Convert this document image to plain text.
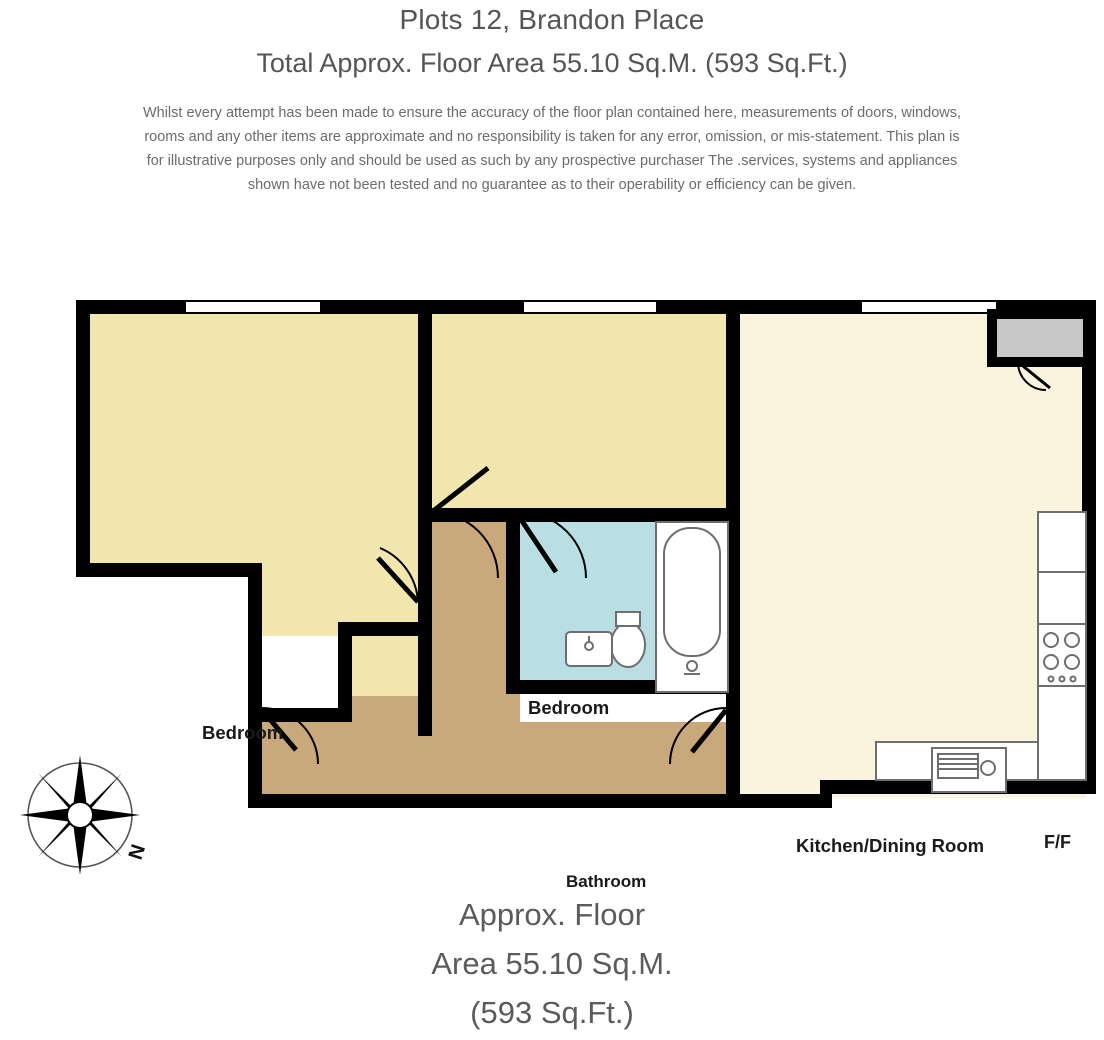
Plots 12, Brandon Place
Total Approx. Floor Area 55.10 Sq.M. (593 Sq.Ft.)
Whilst every attempt has been made to ensure the accuracy of the floor plan contained here, measurements of doors, windows, rooms and any other items are approximate and no responsibility is taken for any error, omission, or mis-statement. This plan is for illustrative purposes only and should be used as such by any prospective purchaser The .services, systems and appliances shown have not been tested and no guarantee as to their operability or efficiency can be given.
Bedroom
Bedroom
Bathroom
Kitchen/Dining Room	F/F
N
Approx. Floor
Area 55.10 Sq.M.
(593 Sq.Ft.)
